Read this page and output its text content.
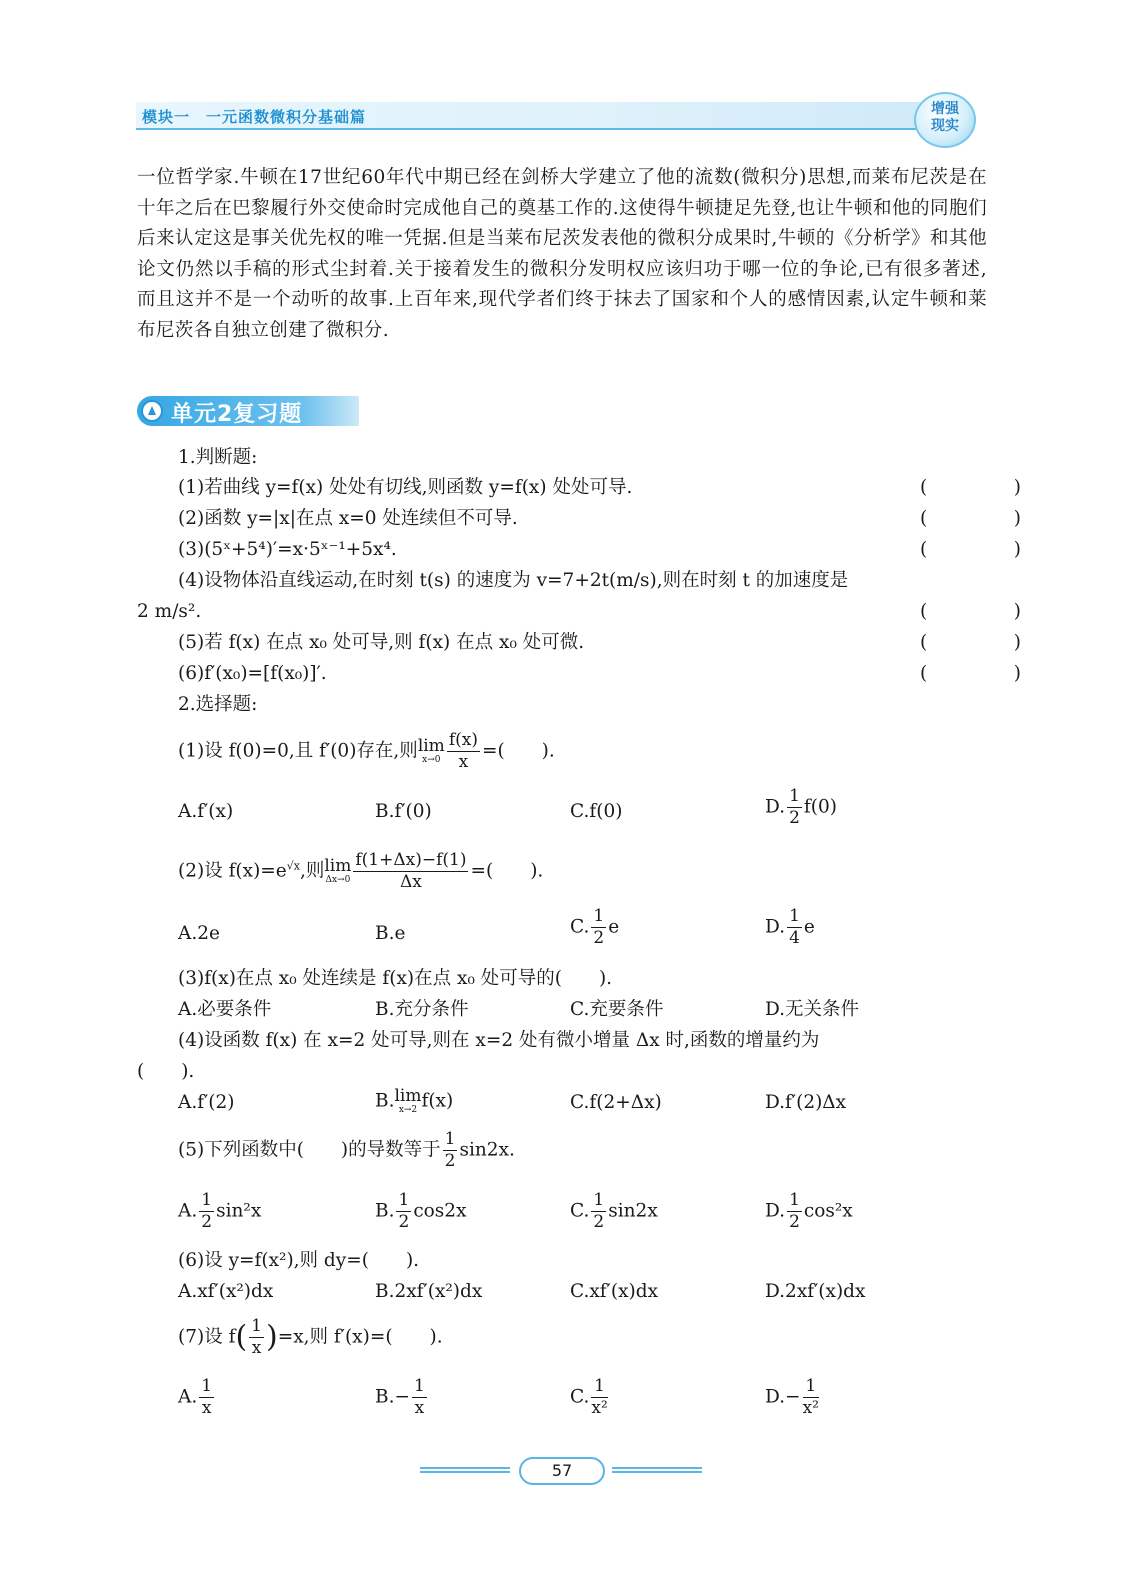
模块一　一元函数微积分基础篇	增强
现实
一位哲学家.牛顿在17世纪60年代中期已经在剑桥大学建立了他的流数(微积分)思想,而莱布尼茨是在十年之后在巴黎履行外交使命时完成他自己的奠基工作的.这使得牛顿捷足先登,也让牛顿和他的同胞们后来认定这是事关优先权的唯一凭据.但是当莱布尼茨发表他的微积分成果时,牛顿的《分析学》和其他论文仍然以手稿的形式尘封着.关于接着发生的微积分发明权应该归功于哪一位的争论,已有很多著述,而且这并不是一个动听的故事.上百年来,现代学者们终于抹去了国家和个人的感情因素,认定牛顿和莱布尼茨各自独立创建了微积分.
单元2复习题
1.判断题:
(1)若曲线 y=f(x) 处处有切线,则函数 y=f(x) 处处可导.	(　)
(2)函数 y=|x|在点 x=0 处连续但不可导.	(　)
(3)(5ˣ+5⁴)′=x·5ˣ⁻¹+5x⁴.	(　)
(4)设物体沿直线运动,在时刻 t(s) 的速度为 v=7+2t(m/s),则在时刻 t 的加速度是
2 m/s².	(　)
(5)若 f(x) 在点 x₀ 处可导,则 f(x) 在点 x₀ 处可微.	(　)
(6)f′(x₀)=[f(x₀)]′.	(　)
2.选择题:
(1)设 f(0)=0,且 f′(0)存在,则 lim
$x\to 0 \frac{f(x)}{x}$ =(　　).
A.f′(x)	B.f′(0)	C.f(0)	D. $\frac{1}{2} f(0)$
(2)设 $f(x)=e^{√x}$,则 lim
$\Delta x\to 0 \frac{f(1+\Delta x)-f(1)}{\Delta x}$ =(　　).
A.2e	B.e	C. $\frac{1}{2}$ e	D. $\frac{1}{4}$ e
(3)f(x)在点 x₀ 处连续是 f(x)在点 x₀ 处可导的(　　).
A.必要条件	B.充分条件	C.充要条件	D.无关条件
(4)设函数 f(x) 在 x=2 处可导,则在 x=2 处有微小增量 Δx 时,函数的增量约为
(　　).
A.f′(2)	B. lim
x→2 f(x)	C.f(2+Δx)	D.f′(2)Δx
(5)下列函数中(　　)的导数等于 $\frac{1}{2} \sin 2x$.
A. $\frac{1}{2} \sin^2x$	B. $\frac{1}{2} \cos 2x$	C. $\frac{1}{2} \sin 2x$	D. $\frac{1}{2} \cos^2x$
(6)设 y=f(x²),则 dy=(　　).
A.xf′(x²)dx	B.2xf′(x²)dx	C.xf′(x)dx	D.2xf′(x)dx
(7)设 $f( \frac{1}{x} )=x$,则 f′(x)=(　　).
A. $\frac{1}{x}$	$B.- \frac{1}{x}$	C. $\frac{1}{\text{x²}}$	$D.- \frac{1}{\text{x²}}$
57
